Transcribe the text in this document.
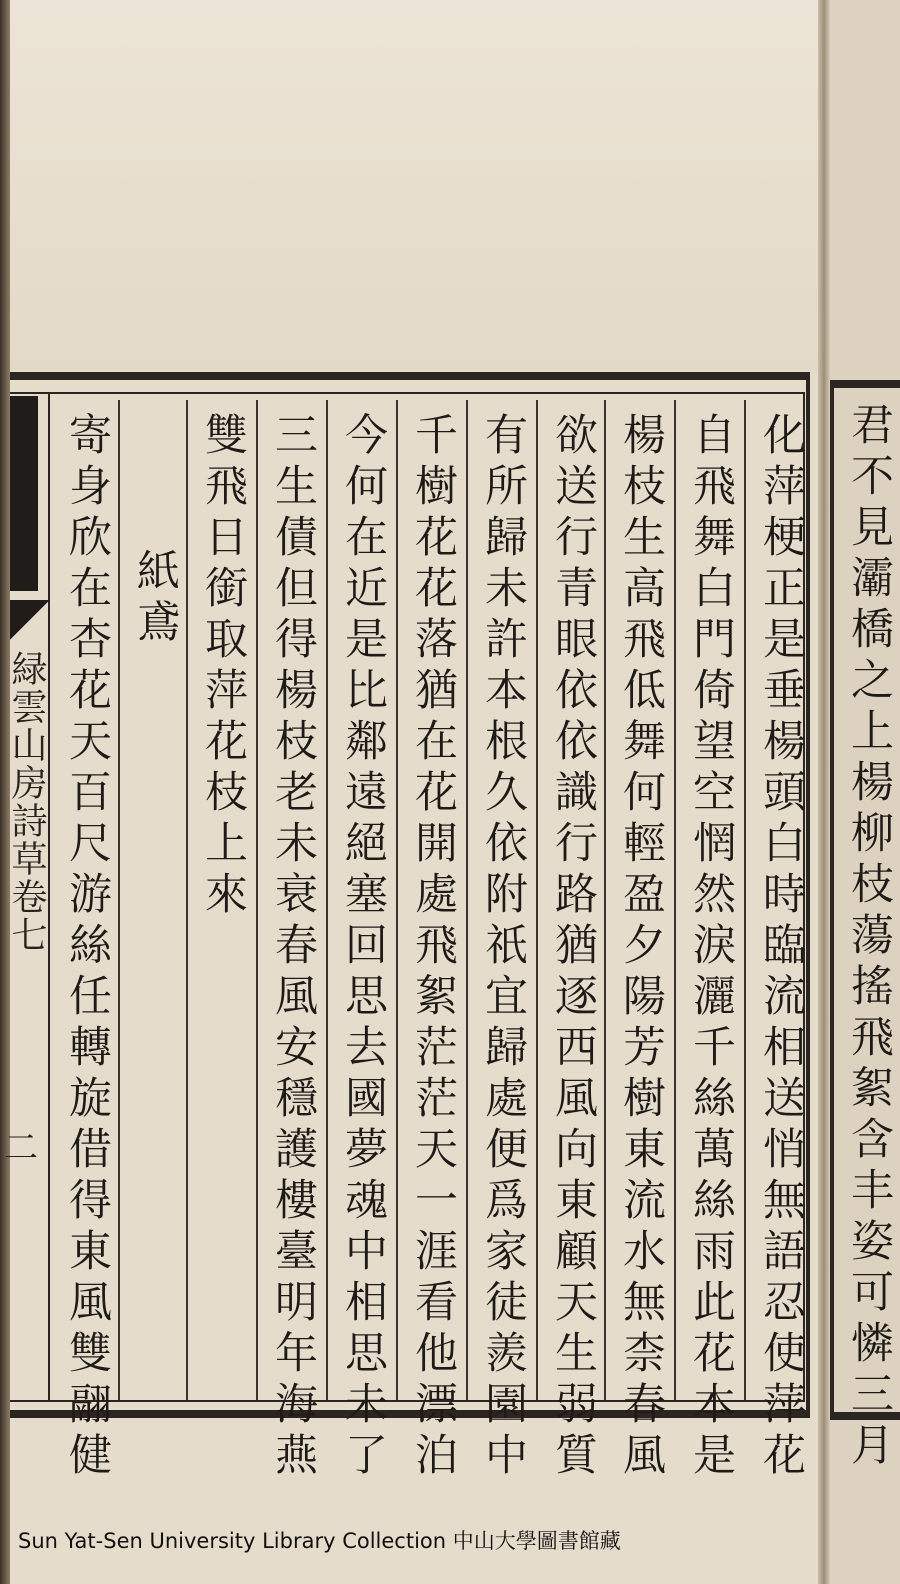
化萍梗正是垂楊頭白時臨流相送悄無語忍使萍花
自飛舞白門倚望空惘然淚灑千絲萬絲雨此花本是
楊枝生高飛低舞何輕盈夕陽芳樹東流水無柰春風
欲送行青眼依依識行路猶逐西風向東顧天生弱質
有所歸未許本根久依附祇宜歸處便爲家徒羨園中
千樹花花落猶在花開處飛絮茫茫天一涯看他漂泊
今何在近是比鄰遠絕塞回思去國夢魂中相思未了
三生債但得楊枝老未衰春風安穩護樓臺明年海燕
雙飛日銜取萍花枝上來
紙鳶
寄身欣在杏花天百尺游絲任轉旋借得東風雙翮健
緑雲山房詩草卷七
二	君不見灞橋之上楊柳枝蕩搖飛絮含丰姿可憐三月
Sun Yat-Sen University Library Collection 中山大學圖書館藏
